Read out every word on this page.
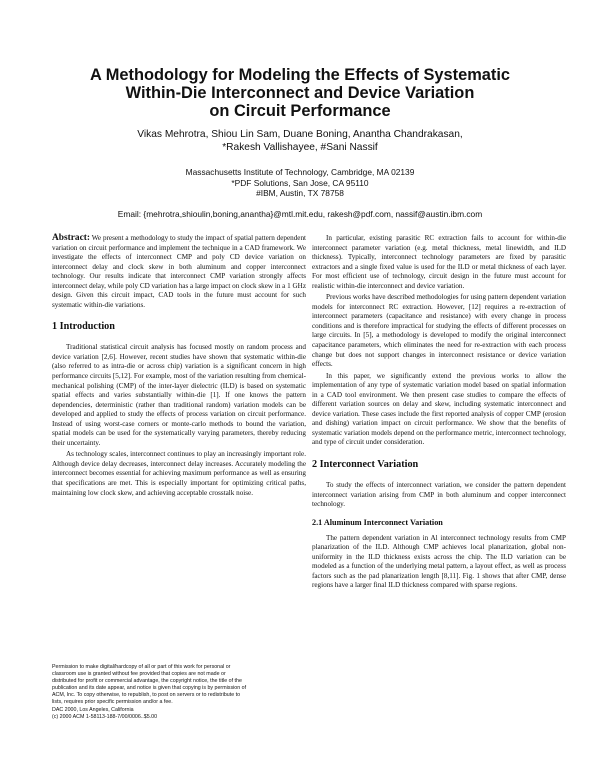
A Methodology for Modeling the Effects of Systematic
Within-Die Interconnect and Device Variation
on Circuit Performance
Vikas Mehrotra, Shiou Lin Sam, Duane Boning, Anantha Chandrakasan,
*Rakesh Vallishayee, #Sani Nassif
Massachusetts Institute of Technology, Cambridge, MA 02139
*PDF Solutions, San Jose, CA 95110
#IBM, Austin, TX 78758
Email: {mehrotra,shioulin,boning,anantha}@mtl.mit.edu, rakesh@pdf.com, nassif@austin.ibm.com

Abstract: We present a methodology to study the impact of spatial pattern dependent variation on circuit performance and implement the technique in a CAD framework. We investigate the effects of interconnect CMP and poly CD device variation on interconnect delay and clock skew in both aluminum and copper interconnect technology. Our results indicate that interconnect CMP variation strongly affects interconnect delay, while poly CD variation has a large impact on clock skew in a 1 GHz design. Given this circuit impact, CAD tools in the future must account for such systematic within-die variations.

1 Introduction

Traditional statistical circuit analysis has focused mostly on random process and device variation [2,6]. However, recent studies have shown that systematic within-die (also referred to as intra-die or across chip) variation is a significant concern in high performance circuits [5,12]. For example, most of the variation resulting from chemical-mechanical polishing (CMP) of the inter-layer dielectric (ILD) is based on systematic spatial effects and varies substantially within-die [1]. If one knows the pattern dependencies, deterministic (rather than traditional random) variation models can be developed and applied to study the effects of process variation on circuit performance. Instead of using worst-case corners or monte-carlo methods to bound the variation, spatial models can be used for the systematically varying parameters, thereby reducing their uncertainty.

As technology scales, interconnect continues to play an increasingly important role. Although device delay decreases, interconnect delay increases. Accurately modeling the interconnect becomes essential for achieving maximum performance as well as ensuring that specifications are met. This is especially important for optimizing critical paths, maintaining low clock skew, and achieving acceptable crosstalk noise.

Permission to make digital/hardcopy of all or part of this work for personal or
classroom use is granted without fee provided that copies are not made or
distributed for profit or commercial advantage, the copyright notice, the title of the
publication and its date appear, and notice is given that copying is by permission of
ACM, Inc. To copy otherwise, to republish, to post on servers or to redistribute to
lists, requires prior specific permission and/or a fee.
DAC 2000, Los Angeles, California
(c) 2000 ACM 1-58113-188-7/00/0006..$5.00

In particular, existing parasitic RC extraction fails to account for within-die interconnect parameter variation (e.g. metal thickness, metal linewidth, and ILD thickness). Typically, interconnect technology parameters are fixed by parasitic extractors and a single fixed value is used for the ILD or metal thickness of each layer. For most efficient use of technology, circuit design in the future must account for realistic within-die interconnect and device variation.

Previous works have described methodologies for using pattern dependent variation models for interconnect RC extraction. However, [12] requires a re-extraction of interconnect parameters (capacitance and resistance) with every change in process conditions and is therefore impractical for studying the effects of different processes on large circuits. In [5], a methodology is developed to modify the original interconnect capacitance parameters, which eliminates the need for re-extraction with each process change but does not support changes in interconnect resistance or device variation effects.

In this paper, we significantly extend the previous works to allow the implementation of any type of systematic variation model based on spatial information in a CAD tool environment. We then present case studies to compare the effects of different variation sources on delay and skew, including systematic interconnect and device variation. These cases include the first reported analysis of copper CMP (erosion and dishing) variation impact on circuit performance. We show that the benefits of systematic variation models depend on the performance metric, interconnect technology, and type of circuit under consideration.

2 Interconnect Variation

To study the effects of interconnect variation, we consider the pattern dependent interconnect variation arising from CMP in both aluminum and copper interconnect technology.

2.1 Aluminum Interconnect Variation

The pattern dependent variation in Al interconnect technology results from CMP planarization of the ILD. Although CMP achieves local planarization, global non-uniformity in the ILD thickness exists across the chip. The ILD variation can be modeled as a function of the underlying metal pattern, a layout effect, as well as process factors such as the pad planarization length [8,11]. Fig. 1 shows that after CMP, dense regions have a larger final ILD thickness compared with sparse regions.
